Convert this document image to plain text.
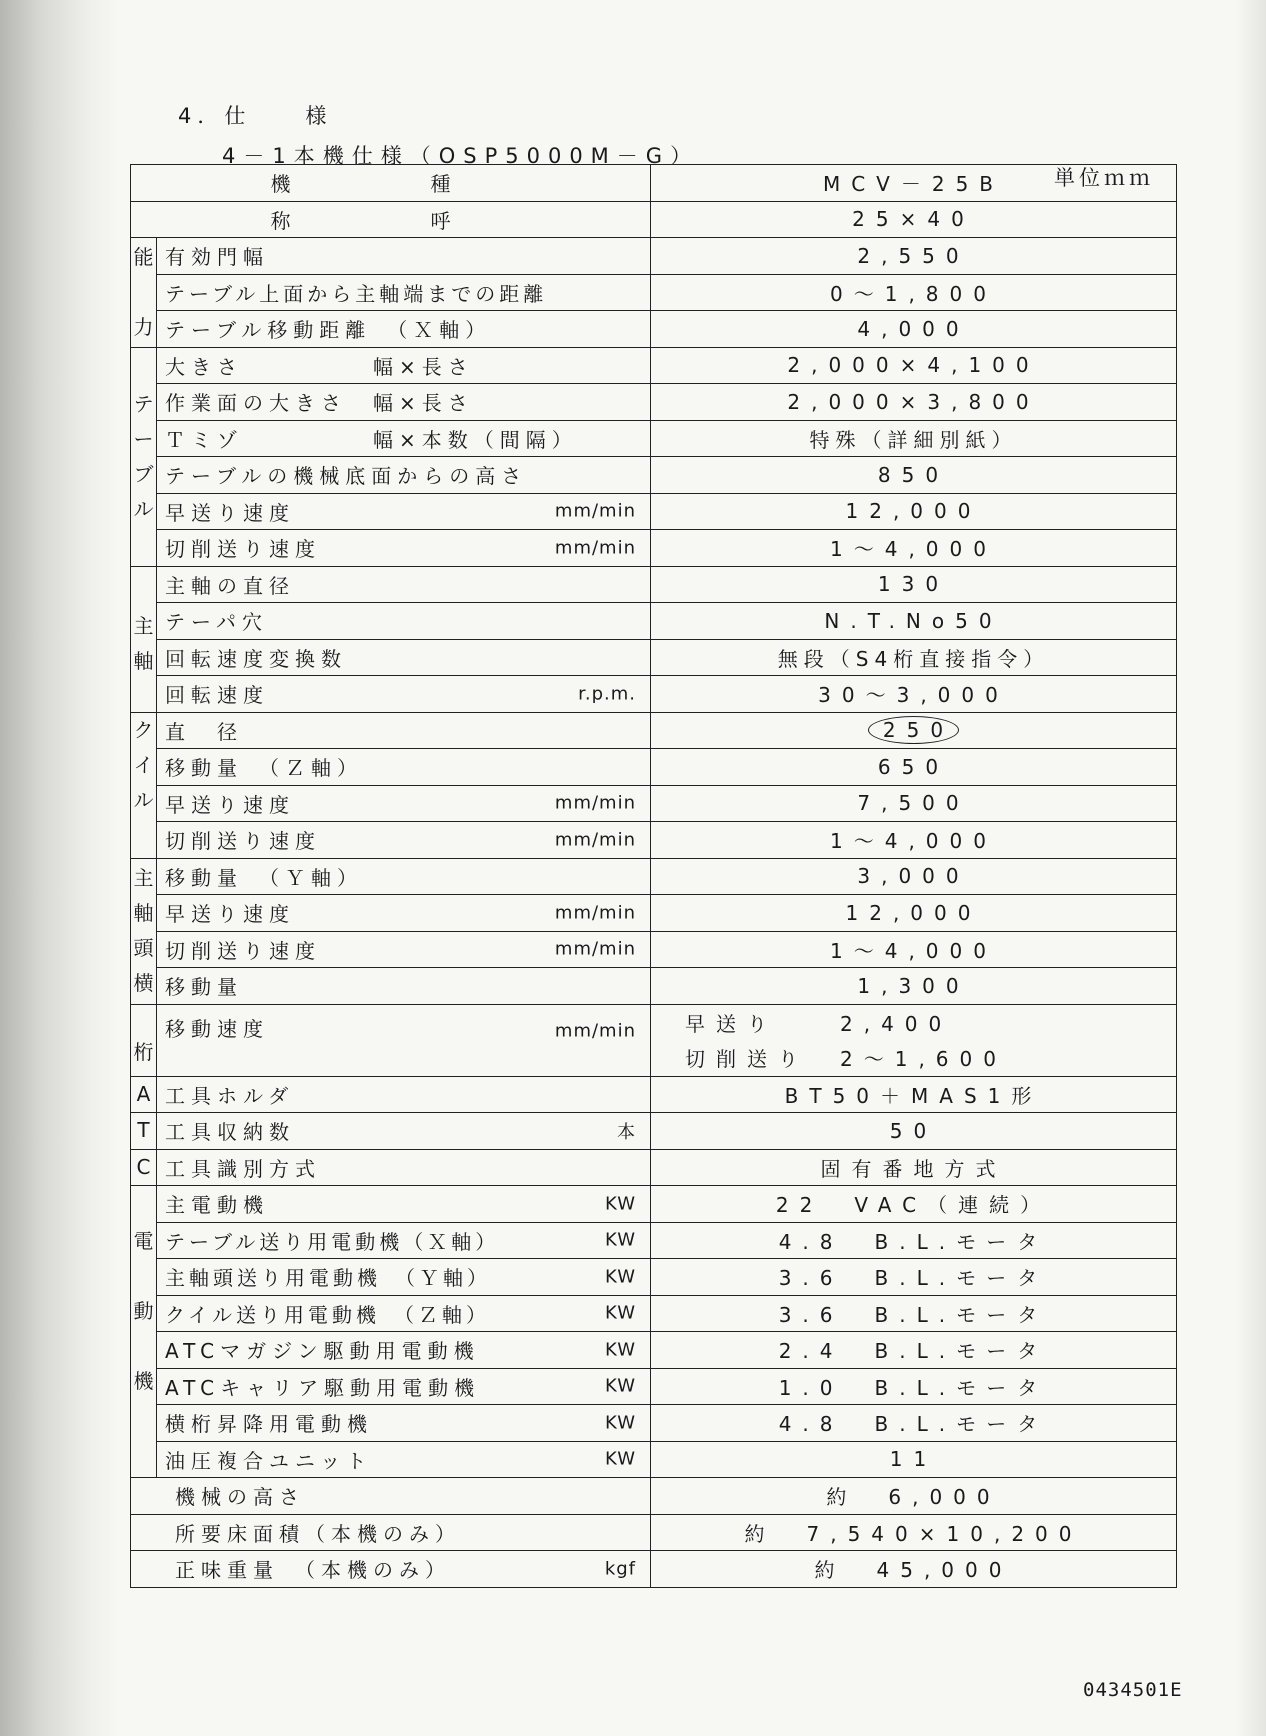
4．仕　　様
4－1本機仕様（OSP5000M－G）
単位ｍｍ
機　種		MCV－25B
称　呼		25×40

能
力	有効門幅	2,550
	テーブル上面から主軸端までの距離	0～1,800
	テーブル移動距離　（Ｘ軸）	4,000

テ
ー
ブ
ル	大きさ　　　　　幅×長さ	2,000×4,100
	作業面の大きさ　幅×長さ	2,000×3,800
	Ｔミゾ　　　　　幅×本数（間隔）	特殊（詳細別紙）
	テーブルの機械底面からの高さ	850
	早送り速度 mm/min	12,000
	切削送り速度 mm/min	1～4,000

主
軸	主軸の直径	130
	テーパ穴	N.T.No50
	回転速度変換数	無段（S4桁直接指令）
	回転速度 r.p.m.	30～3,000

ク
イ
ル	直　径	250
	移動量　（Ｚ軸）	650
	早送り速度 mm/min	7,500
	切削送り速度 mm/min	1～4,000

主
軸
頭
横	移動量　（Ｙ軸）	3,000
	早送り速度 mm/min	12,000
	切削送り速度 mm/min	1～4,000
	移動量	1,300
桁	移動速度 mm/min	早送り　　2,400
		切削送り　2～1,600
A	工具ホルダ	BT50＋MAS1形
T	工具収納数 本	50
C	工具識別方式	固有番地方式

電
動
機	主電動機 KW	22　VAC（連続）
	テーブル送り用電動機（Ｘ軸） KW	4.8　B.L.モータ
	主軸頭送り用電動機　（Ｙ軸） KW	3.6　B.L.モータ
	クイル送り用電動機　（Ｚ軸） KW	3.6　B.L.モータ
	ATCマガジン駆動用電動機 KW	2.4　B.L.モータ
	ATCキャリア駆動用電動機 KW	1.0　B.L.モータ
	横桁昇降用電動機 KW	4.8　B.L.モータ
	油圧複合ユニット KW	11
機械の高さ		約　6,000
所要床面積（本機のみ）		約　7,540×10,200
正味重量　（本機のみ） kgf		約　45,000
0434501E
